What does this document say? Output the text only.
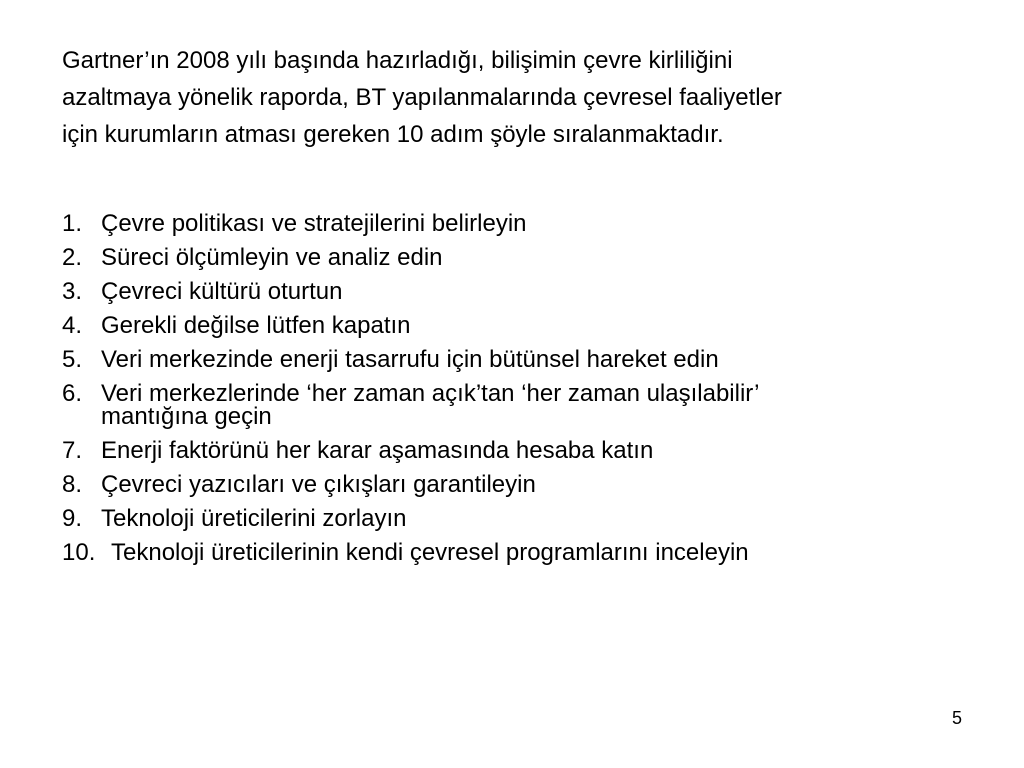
Gartner’ın 2008 yılı başında hazırladığı, bilişimin çevre kirliliğini
azaltmaya yönelik raporda, BT yapılanmalarında çevresel faaliyetler
için kurumların atması gereken 10 adım şöyle sıralanmaktadır.

1. Çevre politikası ve stratejilerini belirleyin
2. Süreci ölçümleyin ve analiz edin
3. Çevreci kültürü oturtun
4. Gerekli değilse lütfen kapatın
5. Veri merkezinde enerji tasarrufu için bütünsel hareket edin
6. Veri merkezlerinde ‘her zaman açık’tan ‘her zaman ulaşılabilir’
mantığına geçin
7. Enerji faktörünü her karar aşamasında hesaba katın
8. Çevreci yazıcıları ve çıkışları garantileyin
9. Teknoloji üreticilerini zorlayın
10. Teknoloji üreticilerinin kendi çevresel programlarını inceleyin
5
